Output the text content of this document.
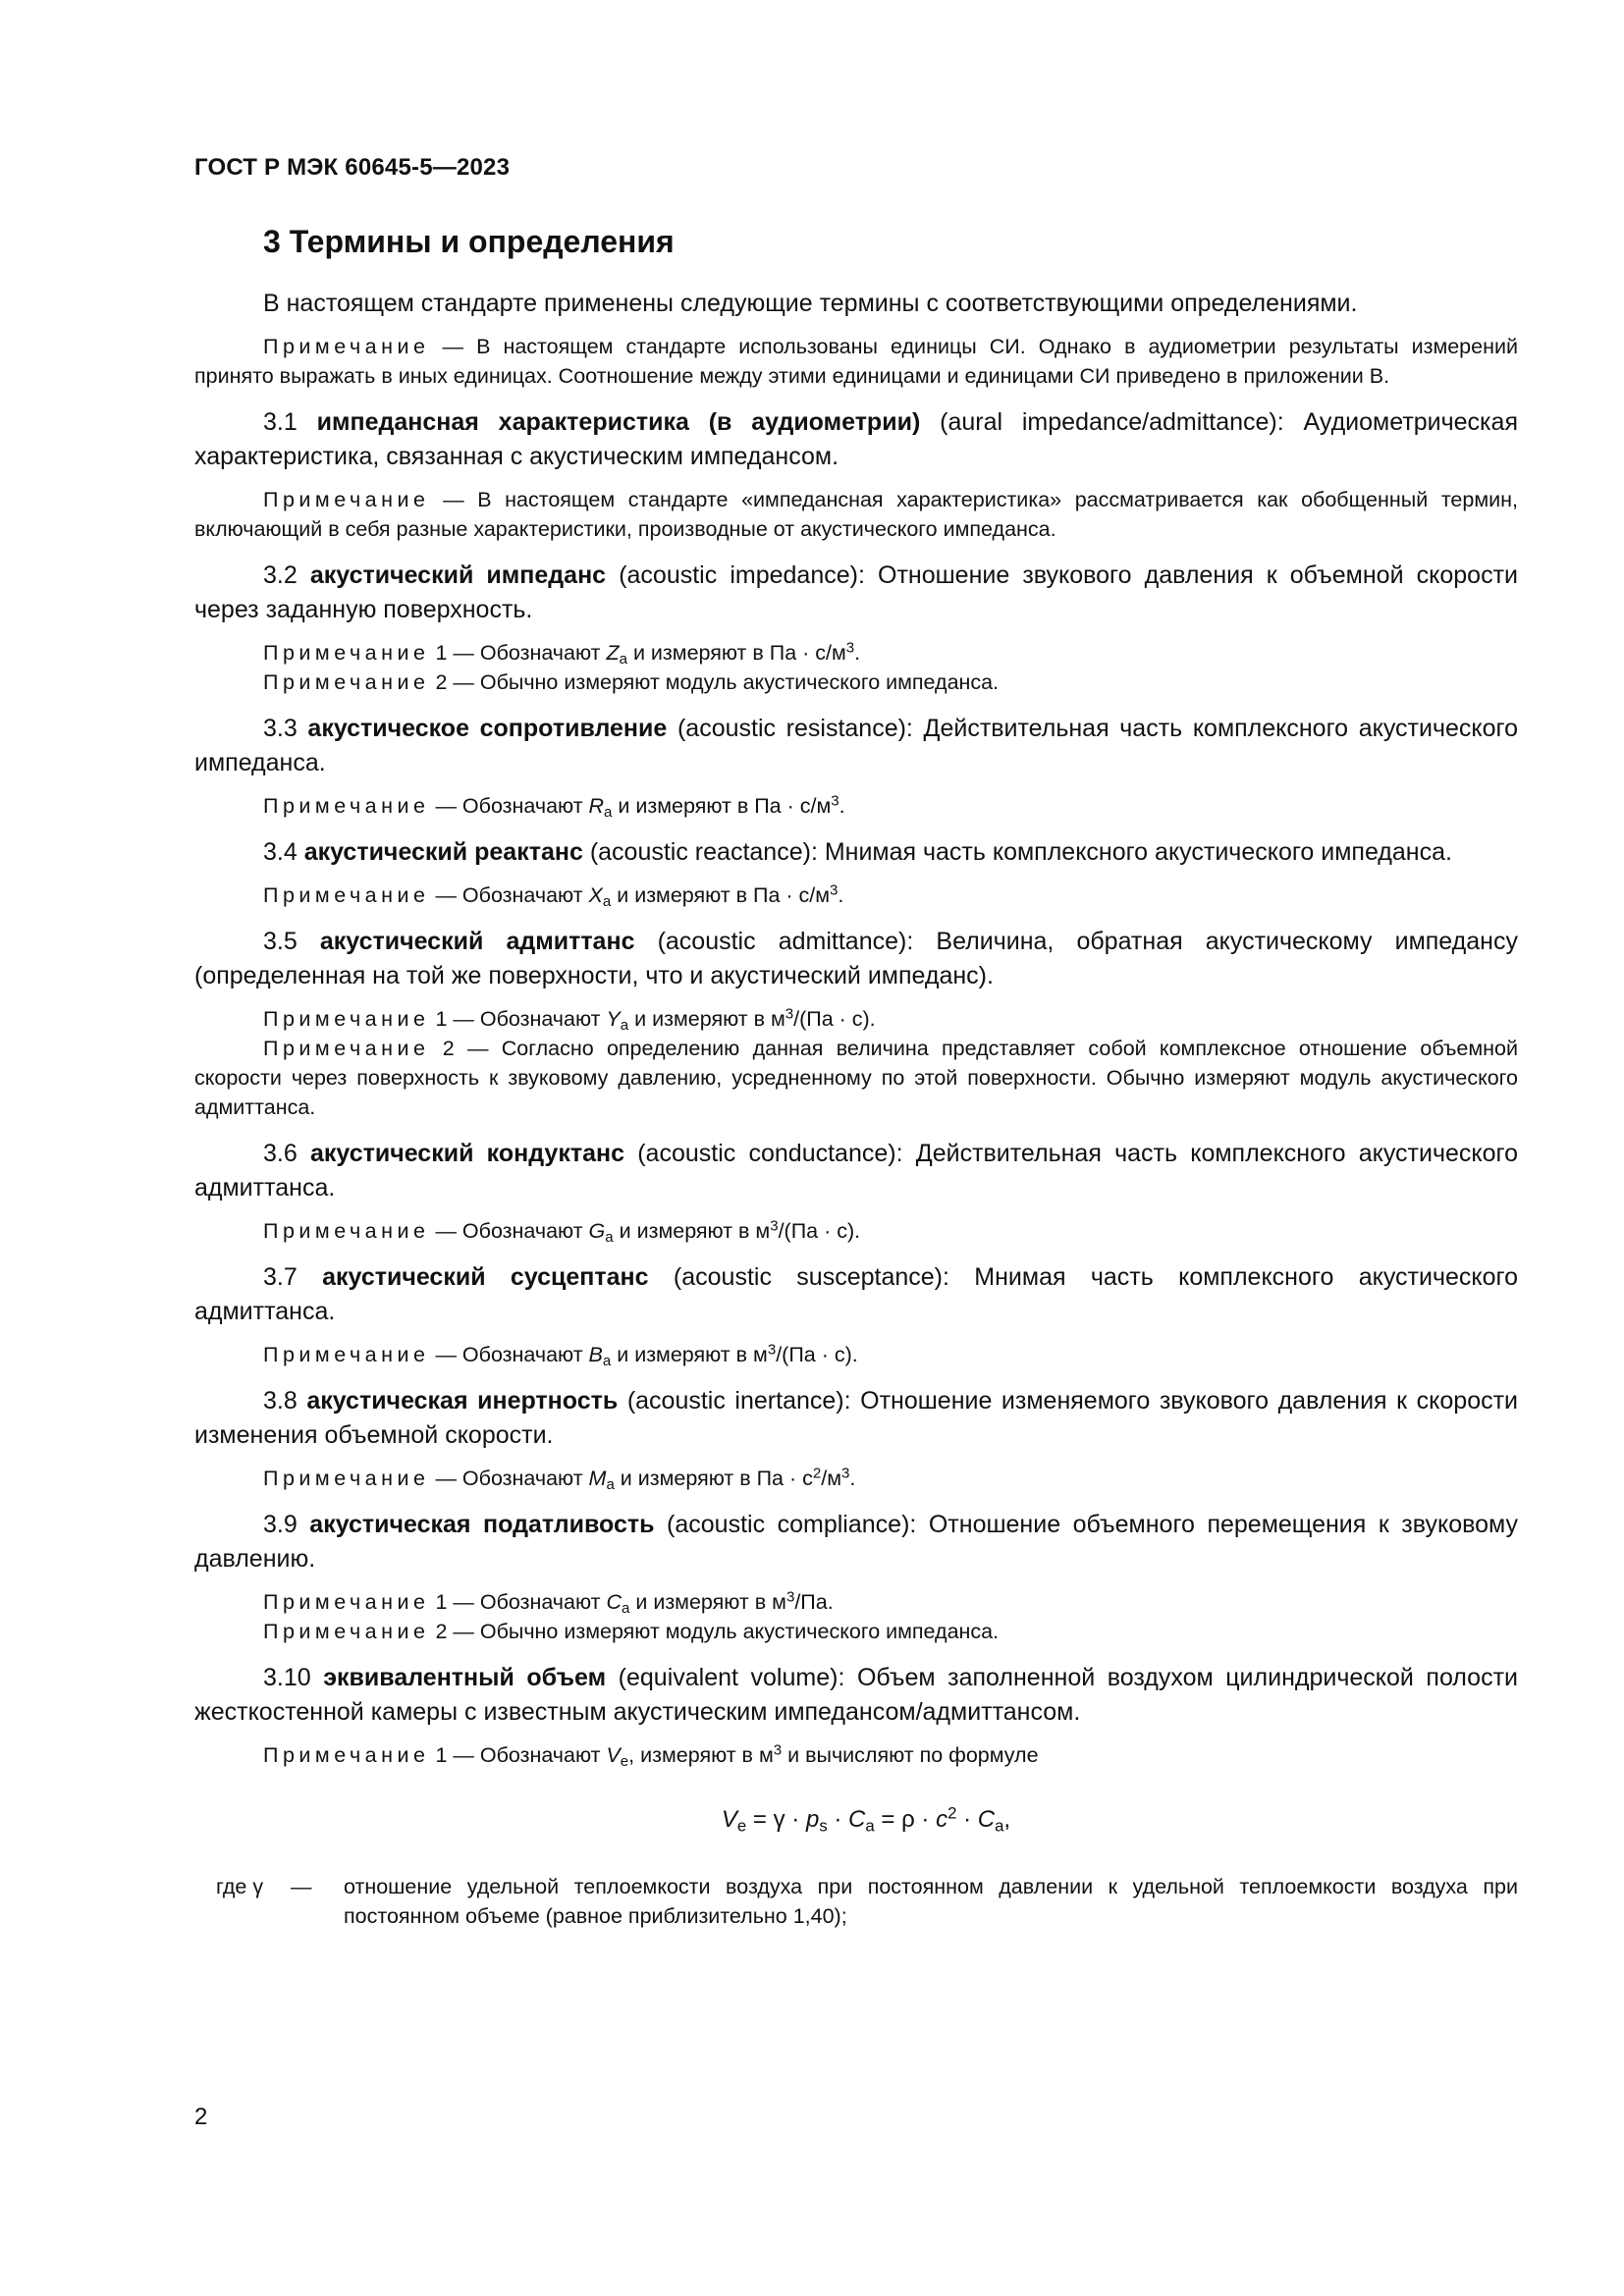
ГОСТ Р МЭК 60645-5—2023
3 Термины и определения

В настоящем стандарте применены следующие термины с соответствующими определениями.

Примечание — В настоящем стандарте использованы единицы СИ. Однако в аудиометрии результаты измерений принято выражать в иных единицах. Соотношение между этими единицами и единицами СИ приведено в приложении В.

3.1 импедансная характеристика (в аудиометрии) (aural impedance/admittance): Аудиометрическая характеристика, связанная с акустическим импедансом.

Примечание — В настоящем стандарте «импедансная характеристика» рассматривается как обобщенный термин, включающий в себя разные характеристики, производные от акустического импеданса.

3.2 акустический импеданс (acoustic impedance): Отношение звукового давления к объемной скорости через заданную поверхность.

Примечание 1 — Обозначают $Z_a$ и измеряют в Па · $с/м^3$.

Примечание 2 — Обычно измеряют модуль акустического импеданса.

3.3 акустическое сопротивление (acoustic resistance): Действительная часть комплексного акустического импеданса.

Примечание — Обозначают $R_a$ и измеряют в Па · $с/м^3$.

3.4 акустический реактанс (acoustic reactance): Мнимая часть комплексного акустического импеданса.

Примечание — Обозначают $X_a$ и измеряют в Па · $с/м^3$.

3.5 акустический адмиттанс (acoustic admittance): Величина, обратная акустическому импедансу (определенная на той же поверхности, что и акустический импеданс).

Примечание 1 — Обозначают $Y_a$ и измеряют в $м^3/(Па \cdot с)$.

Примечание 2 — Согласно определению данная величина представляет собой комплексное отношение объемной скорости через поверхность к звуковому давлению, усредненному по этой поверхности. Обычно измеряют модуль акустического адмиттанса.

3.6 акустический кондуктанс (acoustic conductance): Действительная часть комплексного акустического адмиттанса.

Примечание — Обозначают $G_a$ и измеряют в $м^3/(Па \cdot с)$.

3.7 акустический сусцептанс (acoustic susceptance): Мнимая часть комплексного акустического адмиттанса.

Примечание — Обозначают $B_a$ и измеряют в $м^3/(Па \cdot с)$.

3.8 акустическая инертность (acoustic inertance): Отношение изменяемого звукового давления к скорости изменения объемной скорости.

Примечание — Обозначают $M_a$ и измеряют в Па · $с^2/м^3$.

3.9 акустическая податливость (acoustic compliance): Отношение объемного перемещения к звуковому давлению.

Примечание 1 — Обозначают $C_a$ и измеряют в $м^3/Па$.

Примечание 2 — Обычно измеряют модуль акустического импеданса.

3.10 эквивалентный объем (equivalent volume): Объем заполненной воздухом цилиндрической полости жесткостенной камеры с известным акустическим импедансом/адмиттансом.

Примечание 1 — Обозначают $V_e$, измеряют в $м^3$ и вычисляют по формуле

$V_e = \gamma \cdot p_s \cdot C_a = \rho \cdot c^2 \cdot C_a$,
где γ — отношение удельной теплоемкости воздуха при постоянном давлении к удельной теплоемкости воздуха при постоянном объеме (равное приблизительно 1,40);
2
